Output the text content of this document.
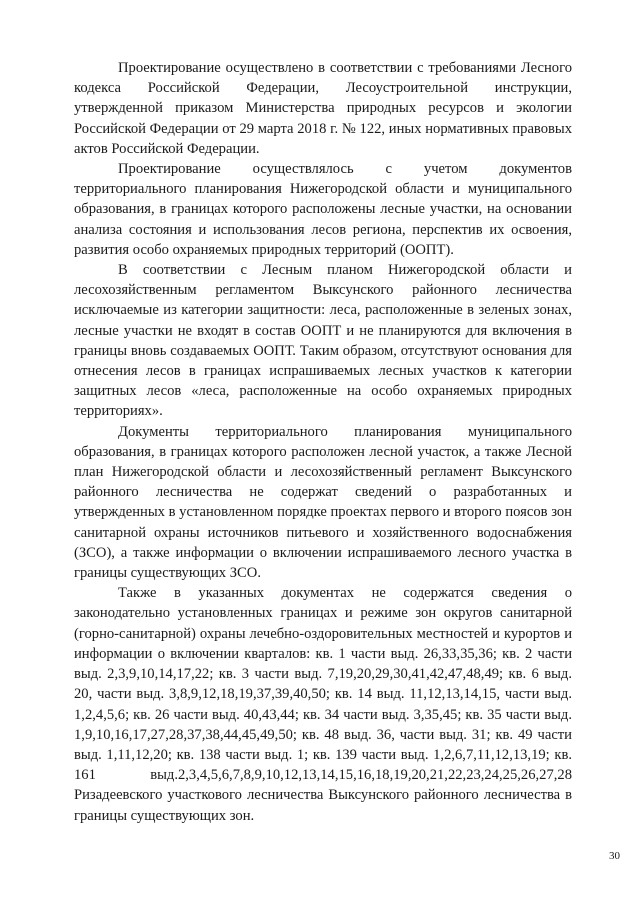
Проектирование осуществлено в соответствии с требованиями Лесного кодекса Российской Федерации, Лесоустроительной инструкции, утвержденной приказом Министерства природных ресурсов и экологии Российской Федерации от 29 марта 2018 г. № 122, иных нормативных правовых актов Российской Федерации.

Проектирование осуществлялось с учетом документов территориального планирования Нижегородской области и муниципального образования, в границах которого расположены лесные участки, на основании анализа состояния и использования лесов региона, перспектив их освоения, развития особо охраняемых природных территорий (ООПТ).

В соответствии с Лесным планом Нижегородской области и лесохозяйственным регламентом Выксунского районного лесничества исключаемые из категории защитности: леса, расположенные в зеленых зонах, лесные участки не входят в состав ООПТ и не планируются для включения в границы вновь создаваемых ООПТ. Таким образом, отсутствуют основания для отнесения лесов в границах испрашиваемых лесных участков к категории защитных лесов «леса, расположенные на особо охраняемых природных территориях».

Документы территориального планирования муниципального образования, в границах которого расположен лесной участок, а также Лесной план Нижегородской области и лесохозяйственный регламент Выксунского районного лесничества не содержат сведений о разработанных и утвержденных в установленном порядке проектах первого и второго поясов зон санитарной охраны источников питьевого и хозяйственного водоснабжения (ЗСО), а также информации о включении испрашиваемого лесного участка в границы существующих ЗСО.

Также в указанных документах не содержатся сведения о законодательно установленных границах и режиме зон округов санитарной (горно-санитарной) охраны лечебно-оздоровительных местностей и курортов и информации о включении кварталов: кв. 1 части выд. 26,33,35,36; кв. 2 части выд. 2,3,9,10,14,17,22; кв. 3 части выд. 7,19,20,29,30,41,42,47,48,49; кв. 6 выд. 20, части выд. 3,8,9,12,18,19,37,39,40,50; кв. 14 выд. 11,12,13,14,15, части выд. 1,2,4,5,6; кв. 26 части выд. 40,43,44; кв. 34 части выд. 3,35,45; кв. 35 части выд. 1,9,10,16,17,27,28,37,38,44,45,49,50; кв. 48 выд. 36, части выд. 31; кв. 49 части выд. 1,11,12,20; кв. 138 части выд. 1; кв. 139 части выд. 1,2,6,7,11,12,13,19; кв. 161 выд.2,3,4,5,6,7,8,9,10,12,13,14,15,16,18,19,20,21,22,23,24,25,26,27,28 Ризадеевского участкового лесничества Выксунского районного лесничества в границы существующих зон.

30
